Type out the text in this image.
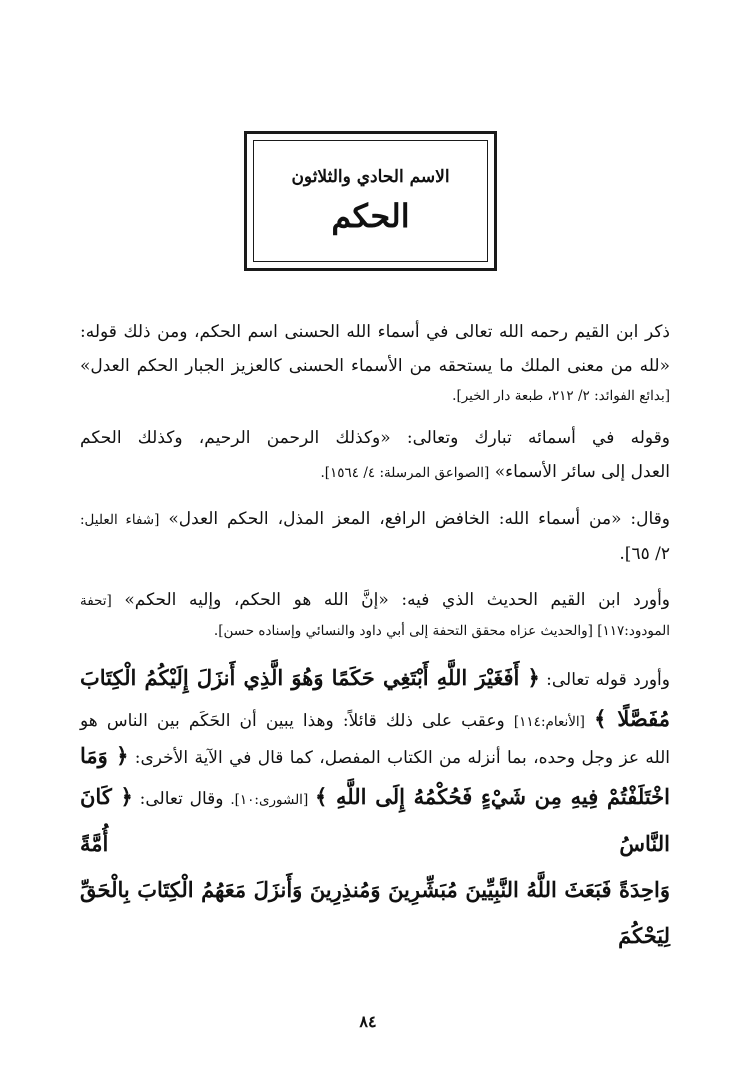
الاسم الحادي والثلاثون
الحكم
ذكر ابن القيم رحمه الله تعالى في أسماء الله الحسنى اسم الحكم، ومن ذلك قوله:
«لله من معنى الملك ما يستحقه من الأسماء الحسنى كالعزيز الجبار الحكم العدل»
[بدائع الفوائد: ٢/ ٢١٢، طبعة دار الخير].
وقوله في أسمائه تبارك وتعالى: «وكذلك الرحمن الرحيم، وكذلك الحكم
العدل إلى سائر الأسماء» [الصواعق المرسلة: ٤/ ١٥٦٤].
وقال: «من أسماء الله: الخافض الرافع، المعز المذل، الحكم العدل» [شفاء العليل:
٢/ ٦٥].
وأورد ابن القيم الحديث الذي فيه: «إنَّ الله هو الحكم، وإليه الحكم» [تحفة
المودود:١١٧] [والحديث عزاه محقق التحفة إلى أبي داود والنسائي وإسناده حسن].
وأورد قوله تعالى: ﴿ أَفَغَيْرَ اللَّهِ أَبْتَغِي حَكَمًا وَهُوَ الَّذِي أَنزَلَ إِلَيْكُمُ الْكِتَابَ
مُفَصَّلًا ﴾ [الأنعام:١١٤] وعقب على ذلك قائلاً: وهذا يبين أن الحَكَم بين الناس هو
الله عز وجل وحده، بما أنزله من الكتاب المفصل، كما قال في الآية الأخرى: ﴿ وَمَا
اخْتَلَفْتُمْ فِيهِ مِن شَيْءٍ فَحُكْمُهُ إِلَى اللَّهِ ﴾ [الشورى:١٠]. وقال تعالى: ﴿ كَانَ النَّاسُ أُمَّةً
وَاحِدَةً فَبَعَثَ اللَّهُ النَّبِيِّينَ مُبَشِّرِينَ وَمُنذِرِينَ وَأَنزَلَ مَعَهُمُ الْكِتَابَ بِالْحَقِّ لِيَحْكُمَ
٨٤
